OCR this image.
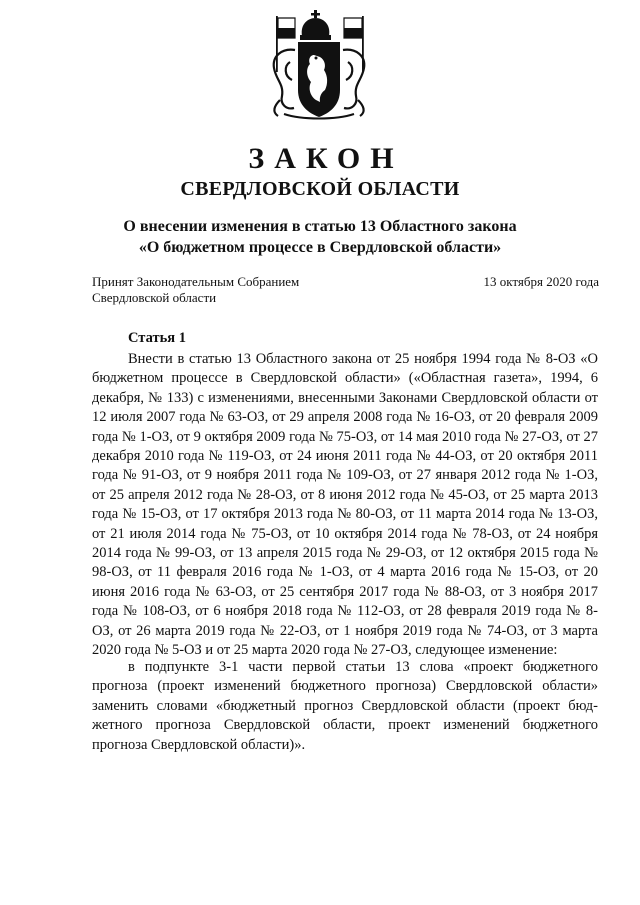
ЗАКОН
СВЕРДЛОВСКОЙ ОБЛАСТИ
О внесении изменения в статью 13 Областного закона
«О бюджетном процессе в Свердловской области»
Принят Законодательным Собранием
Свердловской области
13 октября 2020 года
Статья 1

Внести в статью 13 Областного закона от 25 ноября 1994 года № 8-ОЗ «О бюджетном процессе в Свердловской области» («Областная газета», 1994, 6 декабря, № 133) с изменениями, внесенными Законами Свердловской области от 12 июля 2007 года № 63-ОЗ, от 29 апреля 2008 года № 16-ОЗ, от 20 февраля 2009 года № 1-ОЗ, от 9 октября 2009 года № 75-ОЗ, от 14 мая 2010 года № 27-ОЗ, от 27 декабря 2010 года № 119-ОЗ, от 24 июня 2011 года № 44-ОЗ, от 20 октября 2011 года № 91-ОЗ, от 9 ноября 2011 года № 109-ОЗ, от 27 января 2012 года № 1-ОЗ, от 25 апреля 2012 года № 28-ОЗ, от 8 июня 2012 года № 45-ОЗ, от 25 марта 2013 года № 15-ОЗ, от 17 октября 2013 года № 80-ОЗ, от 11 марта 2014 года № 13-ОЗ, от 21 июля 2014 года № 75-ОЗ, от 10 октября 2014 года № 78-ОЗ, от 24 ноября 2014 года № 99-ОЗ, от 13 апреля 2015 года № 29-ОЗ, от 12 октября 2015 года № 98-ОЗ, от 11 февраля 2016 года № 1-ОЗ, от 4 марта 2016 года № 15-ОЗ, от 20 июня 2016 года № 63-ОЗ, от 25 сентября 2017 года № 88-ОЗ, от 3 ноября 2017 года № 108-ОЗ, от 6 ноября 2018 года № 112-ОЗ, от 28 февраля 2019 года № 8-ОЗ, от 26 марта 2019 года № 22-ОЗ, от 1 ноября 2019 года № 74-ОЗ, от 3 марта 2020 года № 5-ОЗ и от 25 марта 2020 года № 27-ОЗ, следующее изменение:

в подпункте 3-1 части первой статьи 13 слова «проект бюджетного прогноза (проект изменений бюджетного прогноза) Свердловской области» заменить словами «бюджетный прогноз Свердловской области (проект бюджетного прогноза Свердловской области, проект изменений бюджетного прогноза Свердловской области)».
